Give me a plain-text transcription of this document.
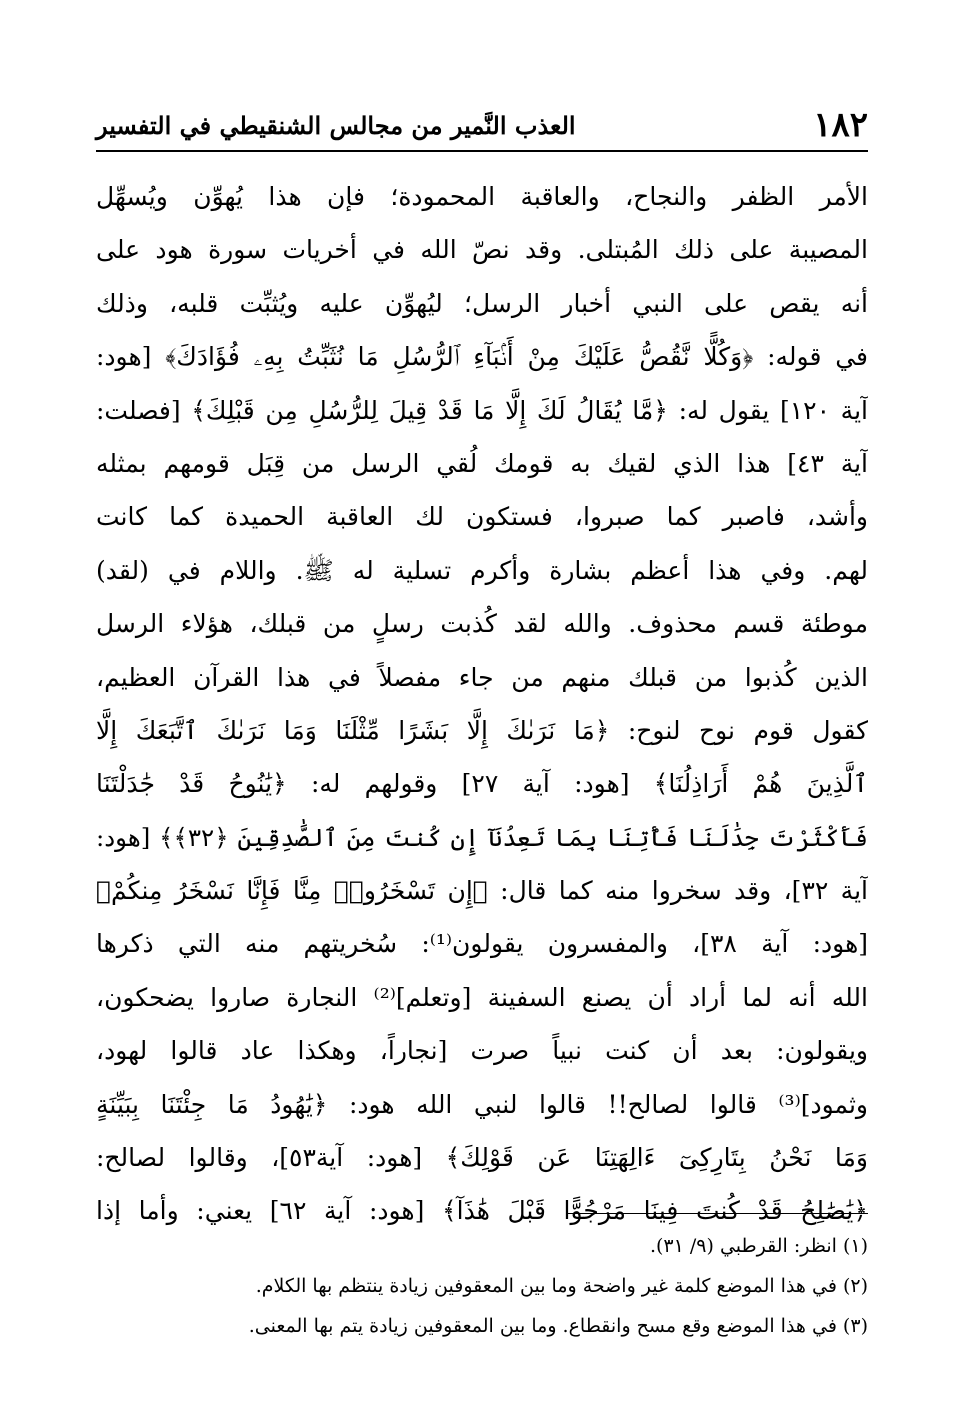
١٨٢
العذب النَّمير من مجالس الشنقيطي في التفسير
الأمر الظفر والنجاح، والعاقبة المحمودة؛ فإن هذا يُهوِّن ويُسهِّل
المصيبة على ذلك المُبتلى. وقد نصّ الله في أخريات سورة هود على
أنه يقص على النبي أخبار الرسل؛ ليُهوِّن عليه ويُثبِّت قلبه، وذلك
في قوله: ﴿وَكُلًّا نَّقُصُّ عَلَيْكَ مِنْ أَنۢبَآءِ ٱلرُّسُلِ مَا نُثَبِّتُ بِهِۦ فُؤَادَكَ﴾ [هود:
آية ١٢٠] يقول له: ﴿مَّا يُقَالُ لَكَ إِلَّا مَا قَدْ قِيلَ لِلرُّسُلِ مِن قَبْلِكَ﴾ [فصلت:
آية ٤٣] هذا الذي لقيك به قومك لُقي الرسل من قِبَل قومهم بمثله
وأشد، فاصبر كما صبروا، فستكون لك العاقبة الحميدة كما كانت
لهم. وفي هذا أعظم بشارة وأكرم تسلية له ﷺ. واللام في (لقد)
موطئة قسم محذوف. والله لقد كُذبت رسلٍ من قبلك، هؤلاء الرسل
الذين كُذبوا من قبلك منهم من جاء مفصلاً في هذا القرآن العظيم،
كقول قوم نوح لنوح: ﴿مَا نَرَىٰكَ إِلَّا بَشَرًا مِّثْلَنَا وَمَا نَرَىٰكَ ٱتَّبَعَكَ إِلَّا
ٱلَّذِينَ هُمْ أَرَاذِلُنَا﴾ [هود: آية ٢٧] وقولهم له: ﴿يَٰنُوحُ قَدْ جَٰدَلْتَنَا
فَأَكْثَرْتَ جِدَٰلَنَا فَأْتِنَا بِمَا تَعِدُنَآ إِن كُنتَ مِنَ ٱلصَّٰدِقِينَ ﴿٣٢﴾﴾ [هود:
آية ٣٢]، وقد سخروا منه كما قال: ﴿إِن تَسْخَرُوا۟ مِنَّا فَإِنَّا نَسْخَرُ مِنكُمْ﴾
[هود: آية ٣٨]، والمفسرون يقولون⁽¹⁾: سُخريتهم منه التي ذكرها
الله أنه لما أراد أن يصنع السفينة [وتعلم]⁽²⁾ النجارة صاروا يضحكون،
ويقولون: بعد أن كنت نبياً صرت [نجاراً، وهكذا عاد قالوا لهود،
وثمود]⁽³⁾ قالوا لصالح!! قالوا لنبي الله هود: ﴿يَٰهُودُ مَا جِئْتَنَا بِبَيِّنَةٍ
وَمَا نَحْنُ بِتَارِكِىٓ ءَالِهَتِنَا عَن قَوْلِكَ﴾ [هود: آية٥٣]، وقالوا لصالح:
﴿يَٰصَٰلِحُ قَدْ كُنتَ فِينَا مَرْجُوًّا قَبْلَ هَٰذَآ﴾ [هود: آية ٦٢] يعني: وأما إذا
(١) انظر: القرطبي (٩/ ٣١).
(٢) في هذا الموضع كلمة غير واضحة وما بين المعقوفين زيادة ينتظم بها الكلام.
(٣) في هذا الموضع وقع مسح وانقطاع. وما بين المعقوفين زيادة يتم بها المعنى.
